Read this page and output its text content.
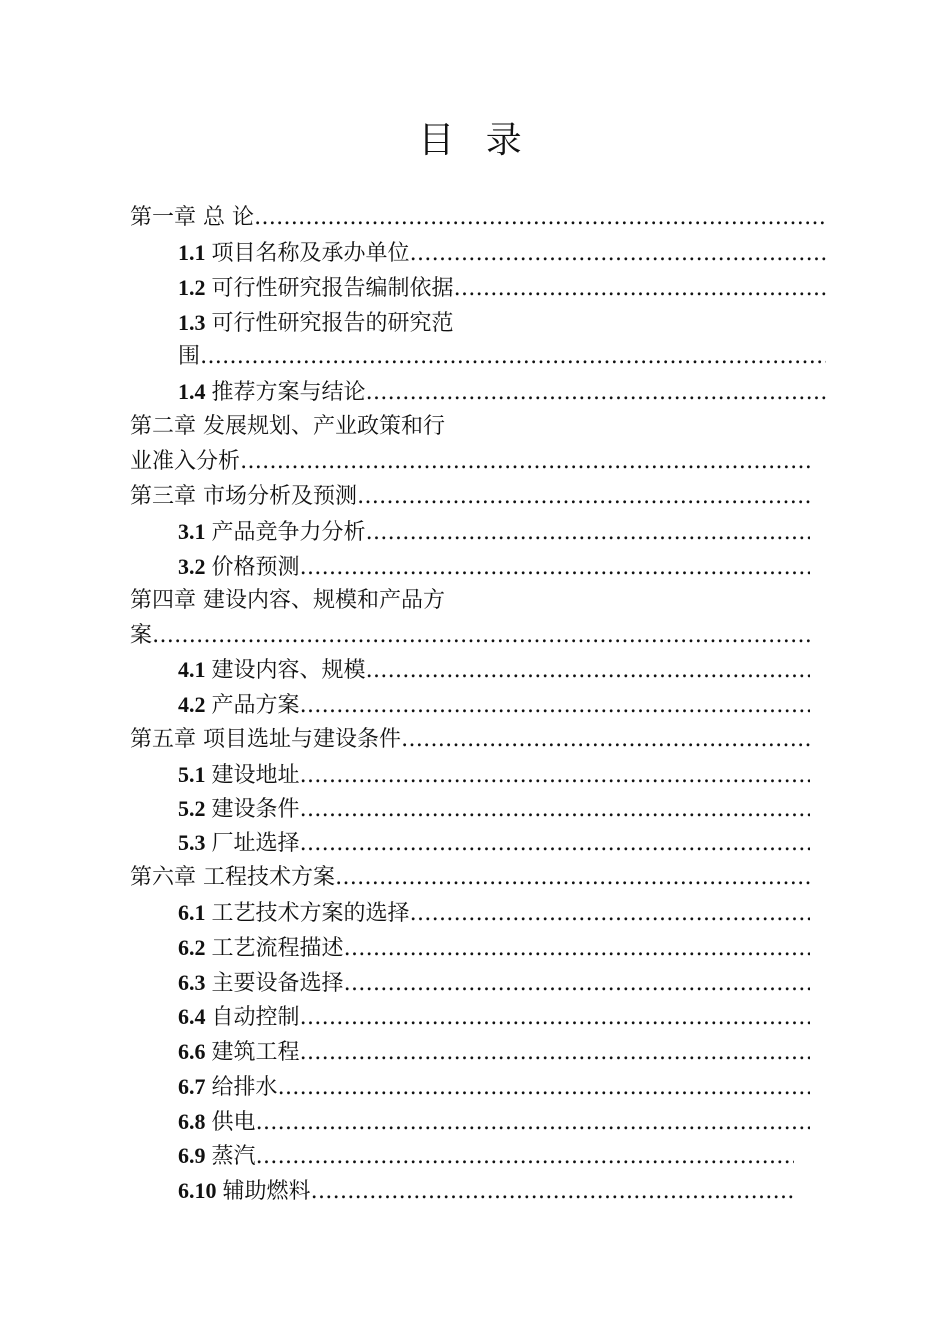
目 录
第一章 总 论 ……………………………………………………………………………………………………………………………………
1.1 项目名称及承办单位 ……………………………………………………………………………………………………………………………………
1.2 可行性研究报告编制依据 ……………………………………………………………………………………………………………………………………
1.3 可行性研究报告的研究范
围 ……………………………………………………………………………………………………………………………………
1.4 推荐方案与结论 ……………………………………………………………………………………………………………………………………
第二章 发展规划、产业政策和行
业准入分析 ……………………………………………………………………………………………………………………………………
第三章 市场分析及预测 ……………………………………………………………………………………………………………………………………
3.1 产品竞争力分析 ……………………………………………………………………………………………………………………………………
3.2 价格预测 ……………………………………………………………………………………………………………………………………
第四章 建设内容、规模和产品方
案 ……………………………………………………………………………………………………………………………………
4.1 建设内容、规模 ……………………………………………………………………………………………………………………………………
4.2 产品方案 ……………………………………………………………………………………………………………………………………
第五章 项目选址与建设条件 ……………………………………………………………………………………………………………………………………
5.1 建设地址 ……………………………………………………………………………………………………………………………………
5.2 建设条件 ……………………………………………………………………………………………………………………………………
5.3 厂址选择 ……………………………………………………………………………………………………………………………………
第六章 工程技术方案 ……………………………………………………………………………………………………………………………………
6.1 工艺技术方案的选择 ……………………………………………………………………………………………………………………………………
6.2 工艺流程描述 ……………………………………………………………………………………………………………………………………
6.3 主要设备选择 ……………………………………………………………………………………………………………………………………
6.4 自动控制 ……………………………………………………………………………………………………………………………………
6.6 建筑工程 ……………………………………………………………………………………………………………………………………
6.7 给排水 ……………………………………………………………………………………………………………………………………
6.8 供电 ……………………………………………………………………………………………………………………………………
6.9 蒸汽 ……………………………………………………………………………………………………………………………………
6.10 辅助燃料 ……………………………………………………………………………………………………………………………………
